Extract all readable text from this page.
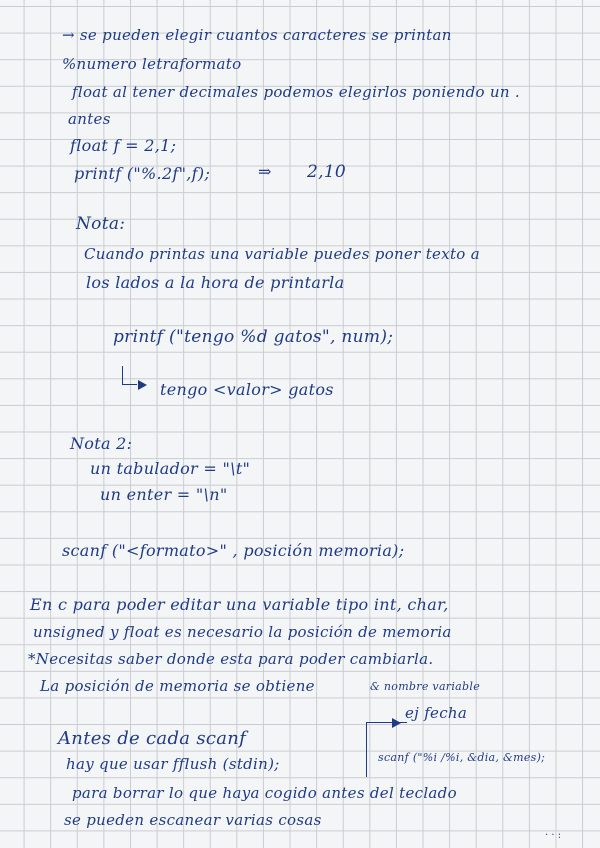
→ se pueden elegir cuantos caracteres se printan
%numero letraformato
float al tener decimales podemos elegirlos poniendo un .
antes
float f = 2,1;
printf ("%.2f",f);	⇒ 2,10
Nota:
Cuando printas una variable puedes poner texto a
los lados a la hora de printarla
printf ("tengo %d gatos", num);
tengo <valor> gatos
Nota 2:
un tabulador = "\t"
un enter = "\n"
scanf ("<formato>" , posición memoria);
En c para poder editar una variable tipo int, char,
unsigned y float es necesario la posición de memoria
*Necesitas saber donde esta para poder cambiarla.
La posición de memoria se obtiene	& nombre variable
ej fecha
Antes de cada scanf
hay que usar fflush (stdin);	scanf ("%i /%i, &dia, &mes);
para borrar lo que haya cogido antes del teclado
se pueden escanear varias cosas
· · :
